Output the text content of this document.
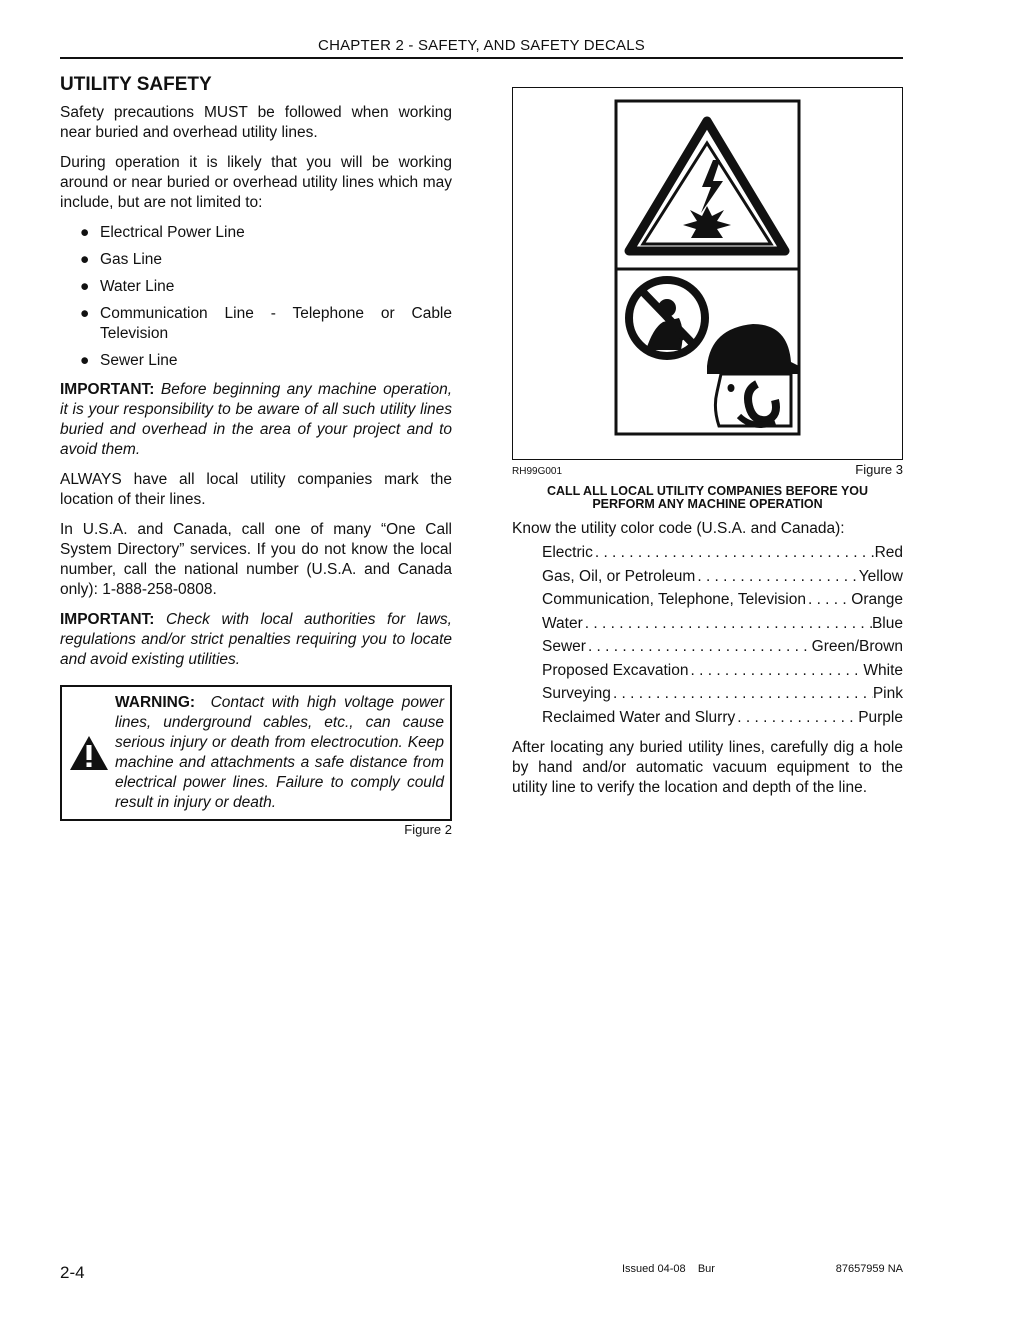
CHAPTER 2 - SAFETY, AND SAFETY DECALS
UTILITY SAFETY

Safety precautions MUST be followed when working near buried and overhead utility lines.

During operation it is likely that you will be working around or near buried or overhead utility lines which may include, but are not limited to:

● Electrical Power Line
● Gas Line
● Water Line
● Communication Line - Telephone or Cable Television
● Sewer Line

IMPORTANT: Before beginning any machine operation, it is your responsibility to be aware of all such utility lines buried and overhead in the area of your project and to avoid them.

ALWAYS have all local utility companies mark the location of their lines.

In U.S.A. and Canada, call one of many “One Call System Directory” services. If you do not know the local number, call the national number (U.S.A. and Canada only): 1-888-258-0808.

IMPORTANT: Check with local authorities for laws, regulations and/or strict penalties requiring you to locate and avoid existing utilities.

WARNING: Contact with high voltage power lines, underground cables, etc., can cause serious injury or death from electrocution. Keep machine and attachments a safe distance from electrical power lines. Failure to comply could result in injury or death.

Figure 2
RH99G001	Figure 3
CALL ALL LOCAL UTILITY COMPANIES BEFORE YOU
PERFORM ANY MACHINE OPERATION

Know the utility color code (U.S.A. and Canada):

Electric . . .	Red
Gas, Oil, or Petroleum . . .	Yellow
Communication, Telephone, Television . . .	Orange
Water . . .	Blue
Sewer . . .	Green/Brown
Proposed Excavation . . .	White
Surveying . . .	Pink
Reclaimed Water and Slurry . . .	Purple

After locating any buried utility lines, carefully dig a hole by hand and/or automatic vacuum equipment to the utility line to verify the location and depth of the line.

2-4	Issued 04-08    Bur	87657959 NA
